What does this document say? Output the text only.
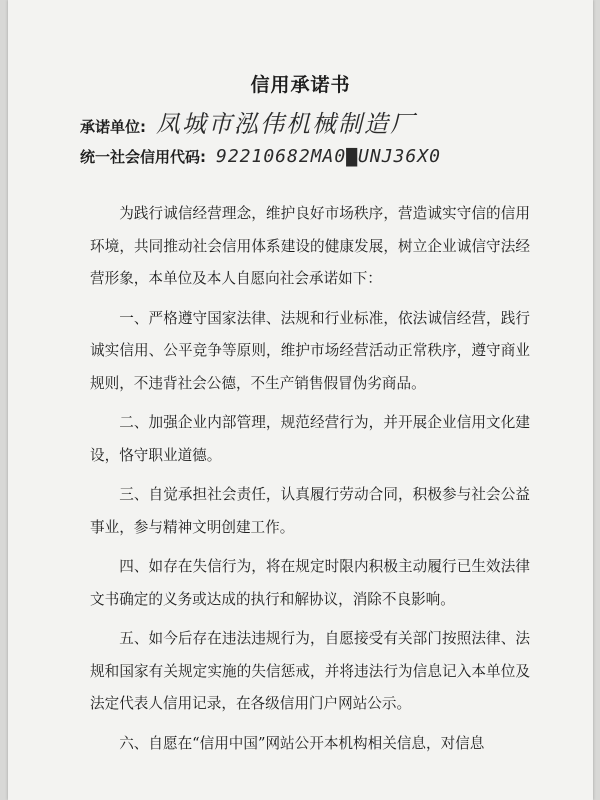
信用承诺书
承诺单位: 凤城市泓伟机械制造厂
统一社会信用代码: 92210682MA0▇UNJ36X0

为践行诚信经营理念，维护良好市场秩序，营造诚实守信的信用环境，共同推动社会信用体系建设的健康发展，树立企业诚信守法经营形象，本单位及本人自愿向社会承诺如下：

一、严格遵守国家法律、法规和行业标准，依法诚信经营，践行诚实信用、公平竞争等原则，维护市场经营活动正常秩序，遵守商业规则，不违背社会公德，不生产销售假冒伪劣商品。

二、加强企业内部管理，规范经营行为，并开展企业信用文化建设，恪守职业道德。

三、自觉承担社会责任，认真履行劳动合同，积极参与社会公益事业，参与精神文明创建工作。

四、如存在失信行为，将在规定时限内积极主动履行已生效法律文书确定的义务或达成的执行和解协议，消除不良影响。

五、如今后存在违法违规行为，自愿接受有关部门按照法律、法规和国家有关规定实施的失信惩戒，并将违法行为信息记入本单位及法定代表人信用记录，在各级信用门户网站公示。

六、自愿在“信用中国”网站公开本机构相关信息，对信息
